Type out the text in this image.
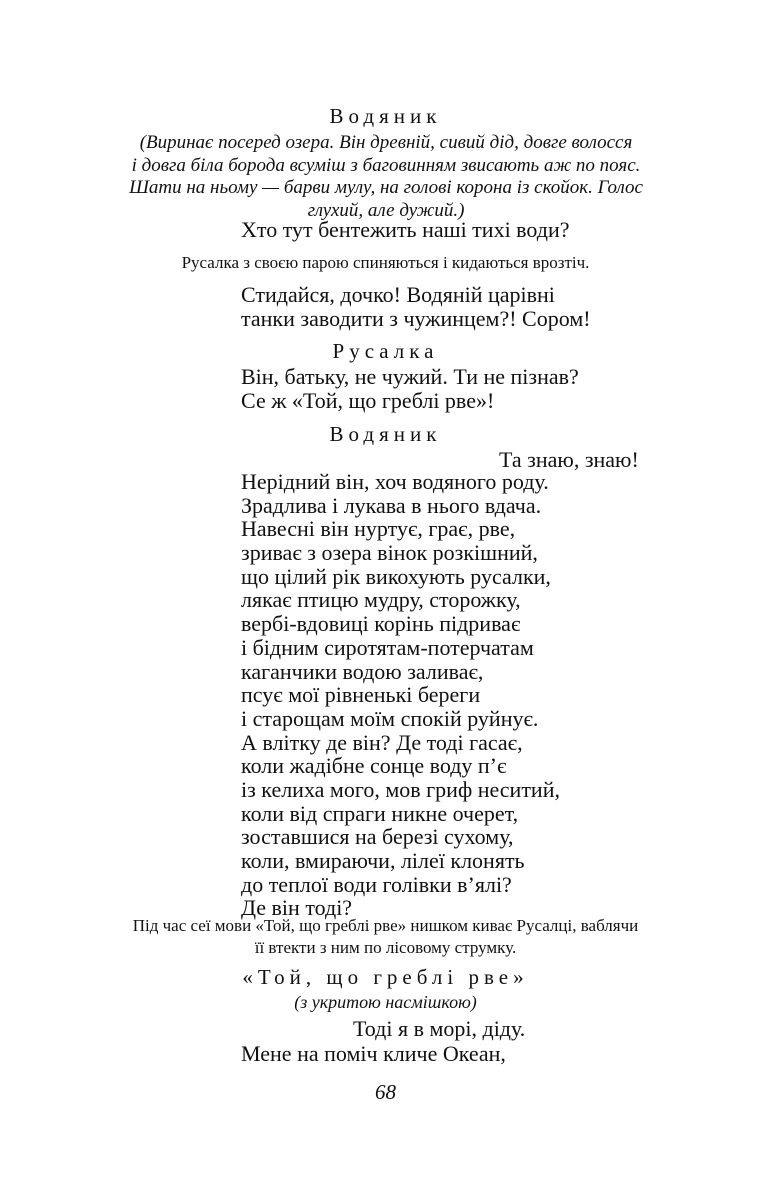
Водяник
(Виринає посеред озера. Він древній, сивий дід, довге волосся
і довга біла борода всуміш з баговинням звисають аж по пояс.
Шати на ньому — барви мулу, на голові корона із скойок. Голос
глухий, але дужий.)
Хто тут бентежить наші тихі води?
Русалка з своєю парою спиняються і кидаються врозтіч.
Стидайся, дочко! Водяній царівні
танки заводити з чужинцем?! Сором!
Русалка
Він, батьку, не чужий. Ти не пізнав?
Се ж «Той, що греблі рве»!
Водяник
Та знаю, знаю!
Нерідний він, хоч водяного роду.
Зрадлива і лукава в нього вдача.
Навесні він нуртує, грає, рве,
зриває з озера вінок розкішний,
що цілий рік викохують русалки,
лякає птицю мудру, сторожку,
вербі-вдовиці корінь підриває
і бідним сиротятам-потерчатам
каганчики водою заливає,
псує мої рівненькі береги
і старощам моїм спокій руйнує.
А влітку де він? Де тоді гасає,
коли жадібне сонце воду п’є
із келиха мого, мов гриф неситий,
коли від спраги никне очерет,
зоставшися на березі сухому,
коли, вмираючи, лілеї клонять
до теплої води голівки в’ялі?
Де він тоді?
Під час сеї мови «Той, що греблі рве» нишком киває Русалці, ваблячи
її втекти з ним по лісовому струмку.
«Той, що греблі рве»
(з укритою насмішкою)
Тоді я в морі, діду.
Мене на поміч кличе Океан,
68
